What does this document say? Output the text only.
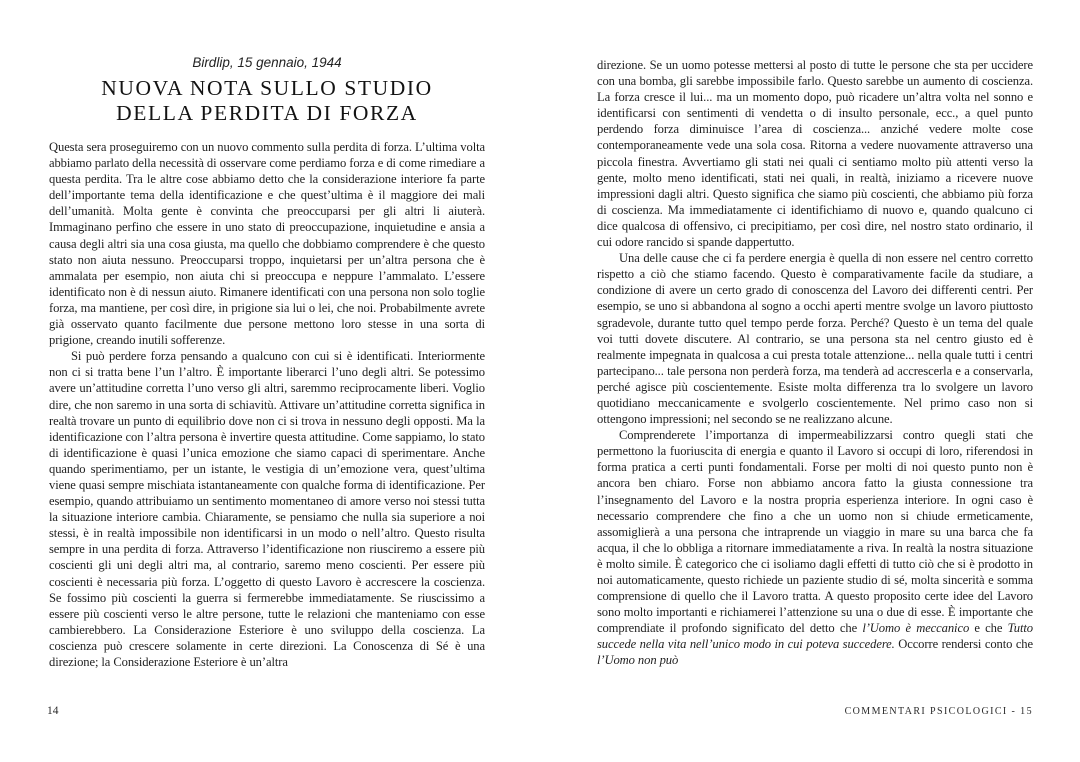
Birdlip, 15 gennaio, 1944
NUOVA NOTA SULLO STUDIO
DELLA PERDITA DI FORZA

Questa sera proseguiremo con un nuovo commento sulla perdita di forza. L’ultima volta abbiamo parlato della necessità di osservare come perdiamo forza e di come rimediare a questa perdita. Tra le altre cose abbiamo detto che la considerazione interiore fa parte dell’importante tema della identificazione e che quest’ultima è il maggiore dei mali dell’umanità. Molta gente è convinta che preoccuparsi per gli altri li aiuterà. Immaginano perfino che essere in uno stato di preoccupazione, inquietudine e ansia a causa degli altri sia una cosa giusta, ma quello che dobbiamo comprendere è che questo stato non aiuta nessuno. Preoccuparsi troppo, inquietarsi per un’altra persona che è ammalata per esempio, non aiuta chi si preoccupa e neppure l’ammalato. L’essere identificato non è di nessun aiuto. Rimanere identificati con una persona non solo toglie forza, ma mantiene, per così dire, in prigione sia lui o lei, che noi. Probabilmente avrete già osservato quanto facilmente due persone mettono loro stesse in una sorta di prigione, creando inutili sofferenze.

Si può perdere forza pensando a qualcuno con cui si è identificati. Interiormente non ci si tratta bene l’un l’altro. È importante liberarci l’uno degli altri. Se potessimo avere un’attitudine corretta l’uno verso gli altri, saremmo reciprocamente liberi. Voglio dire, che non saremo in una sorta di schiavitù. Attivare un’attitudine corretta significa in realtà trovare un punto di equilibrio dove non ci si trova in nessuno degli opposti. Ma la identificazione con l’altra persona è invertire questa attitudine. Come sappiamo, lo stato di identificazione è quasi l’unica emozione che siamo capaci di sperimentare. Anche quando sperimentiamo, per un istante, le vestigia di un’emozione vera, quest’ultima viene quasi sempre mischiata istantaneamente con qualche forma di identificazione. Per esempio, quando attribuiamo un sentimento momentaneo di amore verso noi stessi tutta la situazione interiore cambia. Chiaramente, se pensiamo che nulla sia superiore a noi stessi, è in realtà impossibile non identificarsi in un modo o nell’altro. Questo risulta sempre in una perdita di forza. Attraverso l’identificazione non riusciremo a essere più coscienti gli uni degli altri ma, al contrario, saremo meno coscienti. Per essere più coscienti è necessaria più forza. L’oggetto di questo Lavoro è accrescere la coscienza. Se fossimo più coscienti la guerra si fermerebbe immediatamente. Se riuscissimo a essere più coscienti verso le altre persone, tutte le relazioni che manteniamo con esse cambierebbero. La Considerazione Esteriore è uno sviluppo della coscienza. La coscienza può crescere solamente in certe direzioni. La Conoscenza di Sé è una direzione; la Considerazione Esteriore è un’altra

14

direzione. Se un uomo potesse mettersi al posto di tutte le persone che sta per uccidere con una bomba, gli sarebbe impossibile farlo. Questo sarebbe un aumento di coscienza. La forza cresce il lui... ma un momento dopo, può ricadere un’altra volta nel sonno e identificarsi con sentimenti di vendetta o di insulto personale, ecc., a quel punto perdendo forza diminuisce l’area di coscienza... anziché vedere molte cose contemporaneamente vede una sola cosa. Ritorna a vedere nuovamente attraverso una piccola finestra. Avvertiamo gli stati nei quali ci sentiamo molto più attenti verso la gente, molto meno identificati, stati nei quali, in realtà, iniziamo a ricevere nuove impressioni dagli altri. Questo significa che siamo più coscienti, che abbiamo più forza di coscienza. Ma immediatamente ci identifichiamo di nuovo e, quando qualcuno ci dice qualcosa di offensivo, ci precipitiamo, per così dire, nel nostro stato ordinario, il cui odore rancido si spande dappertutto.

Una delle cause che ci fa perdere energia è quella di non essere nel centro corretto rispetto a ciò che stiamo facendo. Questo è comparativamente facile da studiare, a condizione di avere un certo grado di conoscenza del Lavoro dei differenti centri. Per esempio, se uno si abbandona al sogno a occhi aperti mentre svolge un lavoro piuttosto sgradevole, durante tutto quel tempo perde forza. Perché? Questo è un tema del quale voi tutti dovete discutere. Al contrario, se una persona sta nel centro giusto ed è realmente impegnata in qualcosa a cui presta totale attenzione... nella quale tutti i centri partecipano... tale persona non perderà forza, ma tenderà ad accrescerla e a conservarla, perché agisce più coscientemente. Esiste molta differenza tra lo svolgere un lavoro quotidiano meccanicamente e svolgerlo coscientemente. Nel primo caso non si ottengono impressioni; nel secondo se ne realizzano alcune.

Comprenderete l’importanza di impermeabilizzarsi contro quegli stati che permettono la fuoriuscita di energia e quanto il Lavoro si occupi di loro, riferendosi in forma pratica a certi punti fondamentali. Forse per molti di noi questo punto non è ancora ben chiaro. Forse non abbiamo ancora fatto la giusta connessione tra l’insegnamento del Lavoro e la nostra propria esperienza interiore. In ogni caso è necessario comprendere che fino a che un uomo non si chiude ermeticamente, assomiglierà a una persona che intraprende un viaggio in mare su una barca che fa acqua, il che lo obbliga a ritornare immediatamente a riva. In realtà la nostra situazione è molto simile. È categorico che ci isoliamo dagli effetti di tutto ciò che si è prodotto in noi automaticamente, questo richiede un paziente studio di sé, molta sincerità e somma comprensione di quello che il Lavoro tratta. A questo proposito certe idee del Lavoro sono molto importanti e richiamerei l’attenzione su una o due di esse. È importante che comprendiate il profondo significato del detto che l’Uomo è meccanico e che Tutto succede nella vita nell’unico modo in cui poteva succedere. Occorre rendersi conto che l’Uomo non può

COMMENTARI PSICOLOGICI - 15
